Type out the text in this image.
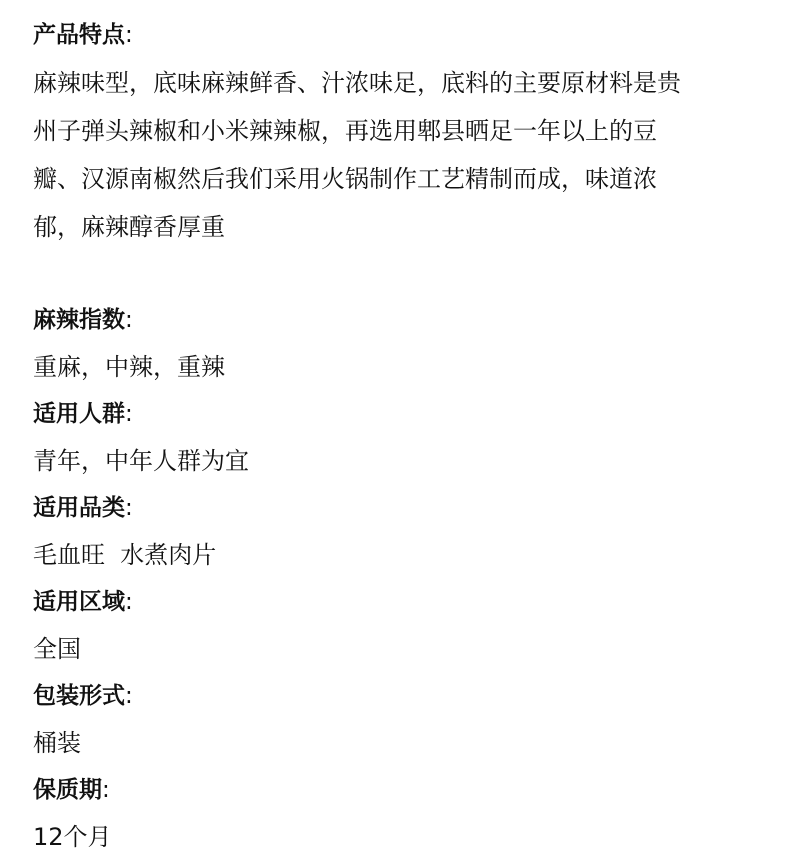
产品特点:
麻辣味型，底味麻辣鲜香、汁浓味足，底料的主要原材料是贵
州子弹头辣椒和小米辣辣椒，再选用郫县晒足一年以上的豆
瓣、汉源南椒然后我们采用火锅制作工艺精制而成，味道浓
郁，麻辣醇香厚重
麻辣指数:
重麻，中辣，重辣
适用人群:
青年，中年人群为宜
适用品类:
毛血旺  水煮肉片
适用区域:
全国
包装形式:
桶装
保质期:
12个月
